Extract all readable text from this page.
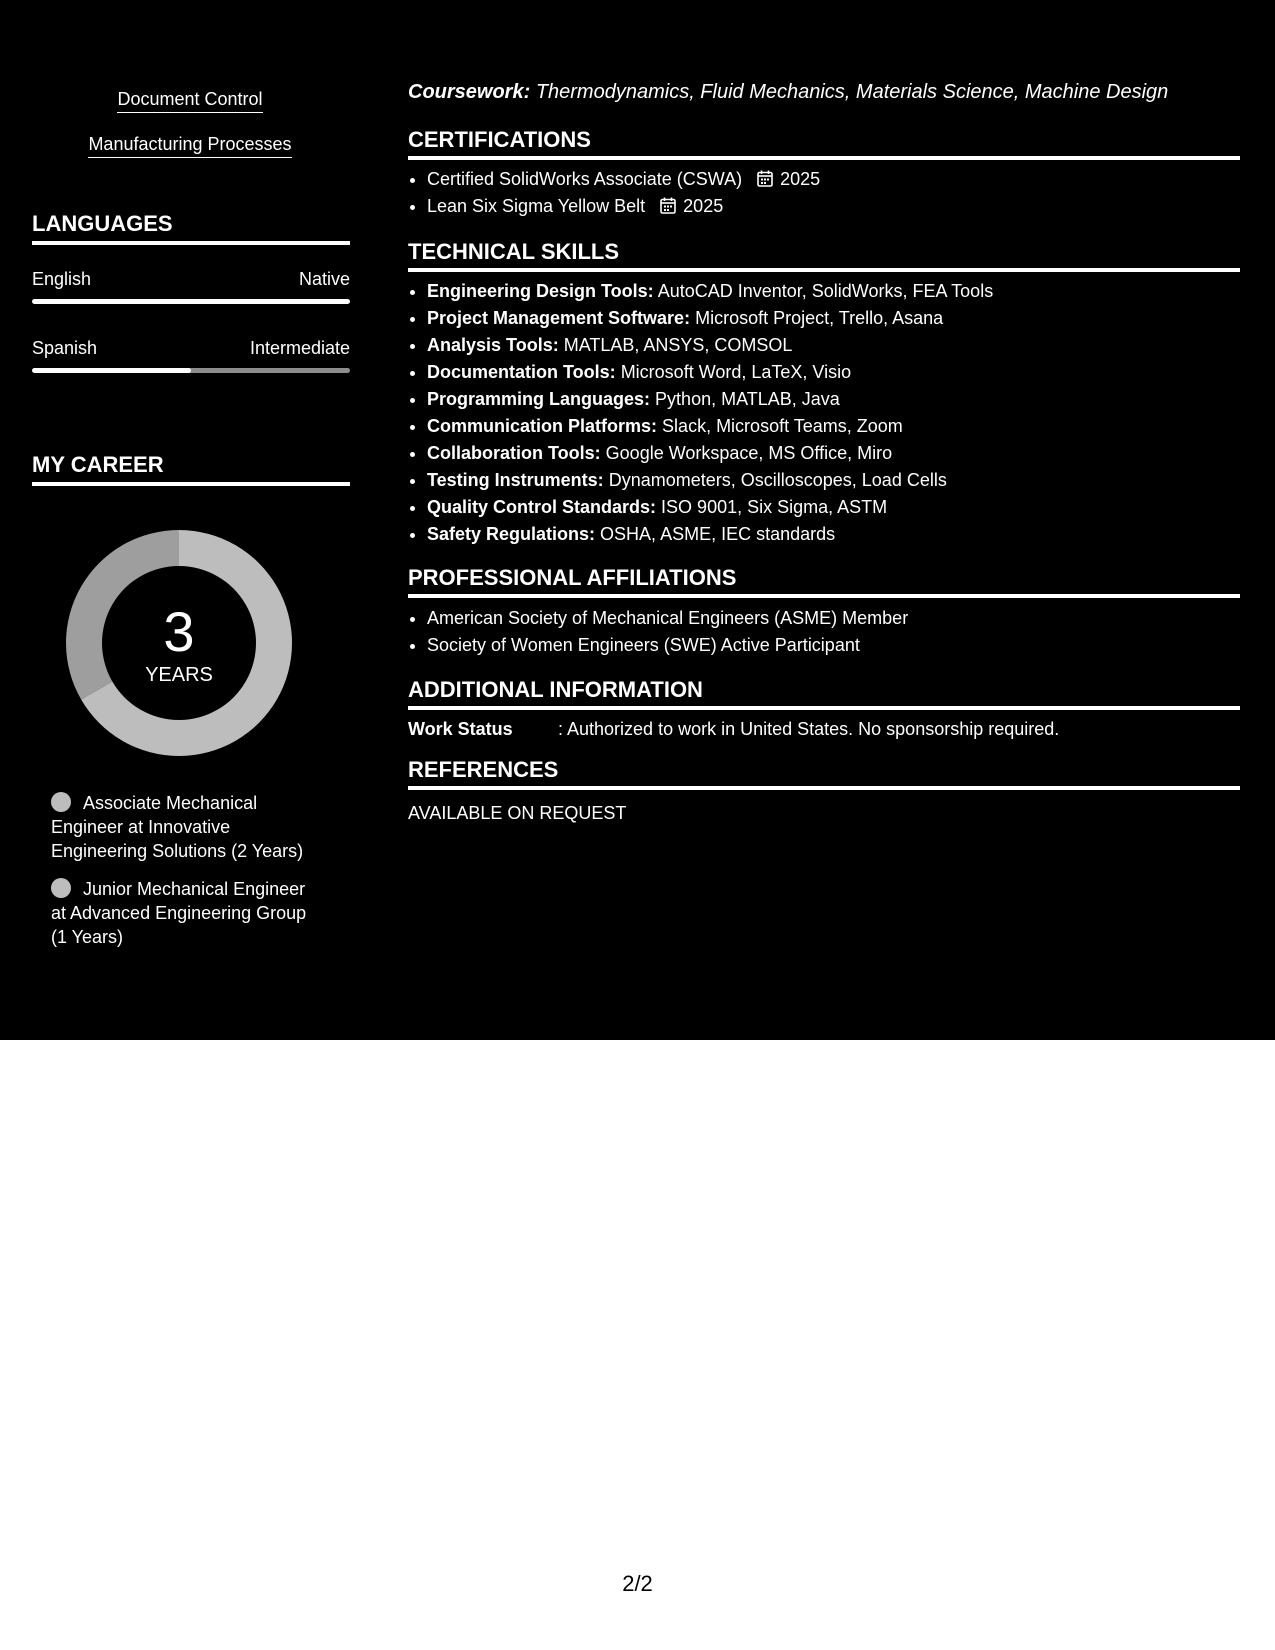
Document Control
Manufacturing Processes
LANGUAGES
English	Native
Spanish	Intermediate
MY CAREER
3
YEARS
Associate Mechanical Engineer at Innovative Engineering Solutions (2 Years)
Junior Mechanical Engineer at Advanced Engineering Group (1 Years)
Coursework: Thermodynamics, Fluid Mechanics, Materials Science, Machine Design
CERTIFICATIONS
• Certified SolidWorks Associate (CSWA) 2025
• Lean Six Sigma Yellow Belt 2025
TECHNICAL SKILLS
• Engineering Design Tools: AutoCAD Inventor, SolidWorks, FEA Tools
• Project Management Software: Microsoft Project, Trello, Asana
• Analysis Tools: MATLAB, ANSYS, COMSOL
• Documentation Tools: Microsoft Word, LaTeX, Visio
• Programming Languages: Python, MATLAB, Java
• Communication Platforms: Slack, Microsoft Teams, Zoom
• Collaboration Tools: Google Workspace, MS Office, Miro
• Testing Instruments: Dynamometers, Oscilloscopes, Load Cells
• Quality Control Standards: ISO 9001, Six Sigma, ASTM
• Safety Regulations: OSHA, ASME, IEC standards
PROFESSIONAL AFFILIATIONS
• American Society of Mechanical Engineers (ASME) Member
• Society of Women Engineers (SWE) Active Participant
ADDITIONAL INFORMATION
Work Status	: Authorized to work in United States. No sponsorship required.
REFERENCES
AVAILABLE ON REQUEST
2/2
